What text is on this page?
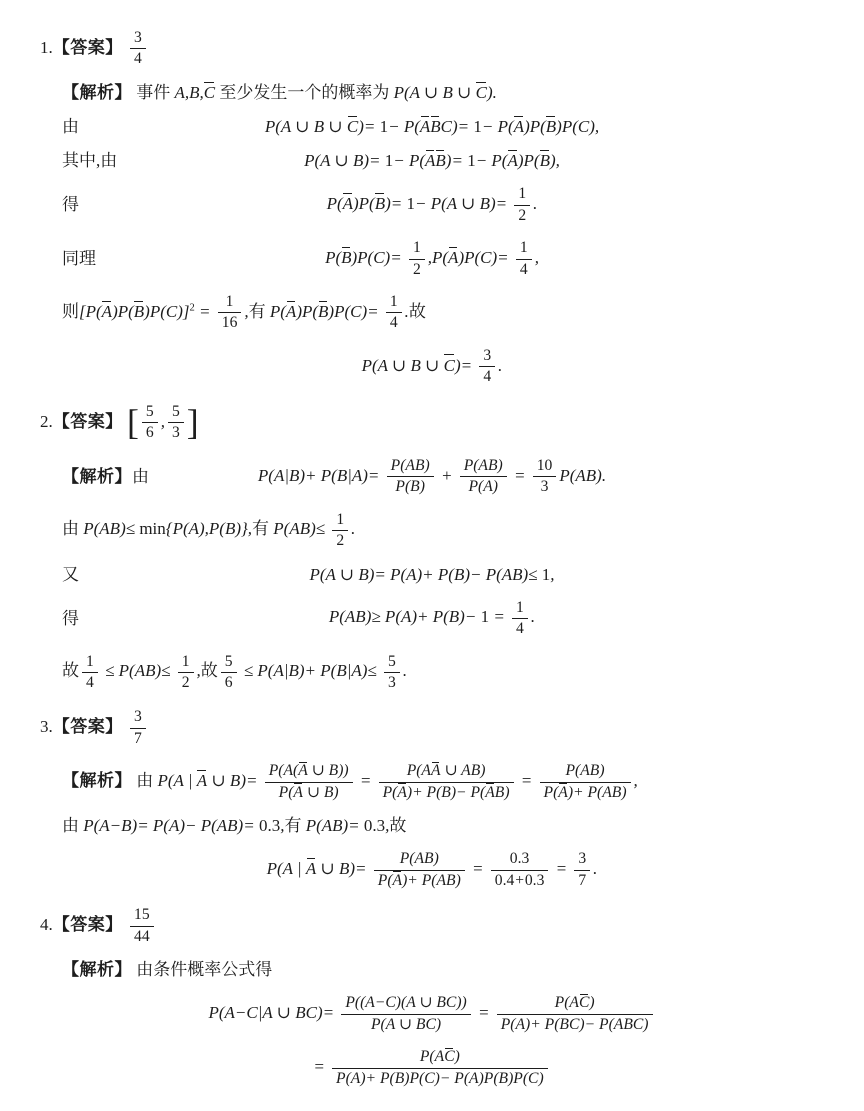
1.【答案】 $\frac{3}{4}$
【解析】 事件 A,B,C 至少发生一个的概率为 P(A ∪ B ∪ C).
由	P(A ∪ B ∪ C)= 1− P(ABC)= 1− P(A)P(B)P(C),
其中,由	P(A ∪ B)= 1− P(AB)= 1− P(A)P(B),
得	P(A)P(B)= 1− P(A ∪ $B)= \frac{1}{2}$ .
同理	$P(B)P(C)= \frac{1}{2} ,P(A)P(C)= \frac{1}{4}$ ,
则$[P(A)P(B)P(C)]^2 = \frac{1}{16}$ ,有 $P(A)P(B)P(C)= \frac{1}{4}$ .故
P(A ∪ B ∪ $C)= \frac{3}{4}$ .
2.【答案】 [ $\frac{5}{6}$ , $\frac{5}{3}$ ]
【解析】由	$P(A|B)+ P(B|A)= \frac{P(AB)}{P(B)} + \frac{P(AB)}{P(A)} = \frac{10}{3} P(AB)$.
由 P(AB)≤ min{P(A),P(B)},有 $P(AB)\le \frac{1}{2}$ .
又	P(A ∪ B)= P(A)+ P(B)− P(AB)≤ 1,
得	$P(AB)\ge P(A)+ P(B)- 1 = \frac{1}{4}$ .
故 $\frac{1}{4} \le P(AB)\le \frac{1}{2}$ ,故 $\frac{5}{6} \le P(A|B)+ P(B|A)\le \frac{5}{3}$ .
3.【答案】 $\frac{3}{7}$
【解析】 由 P(A | A ∪ $B)= \frac{P(A(A \cup B))}{P(A \cup B)} = \frac{P(AA \cup AB)}{P(A)+ P(B)- P(AB)} = \frac{P(AB)}{P(A)+ P(AB)}$ ,
由 P(A−B)= P(A)− P(AB)= 0.3,有 P(AB)= 0.3,故
P(A | A ∪ $B)= \frac{P(AB)}{P(A)+ P(AB)} = \frac{0.3}{0.4+0.3} = \frac{3}{7}$ .
4.【答案】 $\frac{15}{44}$
【解析】 由条件概率公式得
P(A−C|A ∪ $BC)= \frac{P((A-C)(A \cup BC))}{P(A \cup BC)}$ =
P(AC)
P(A)+ P(BC)− P(ABC)
= $\frac{P(AC)}{P(A)+ P(B)P(C)- P(A)P(B)P(C)}$
